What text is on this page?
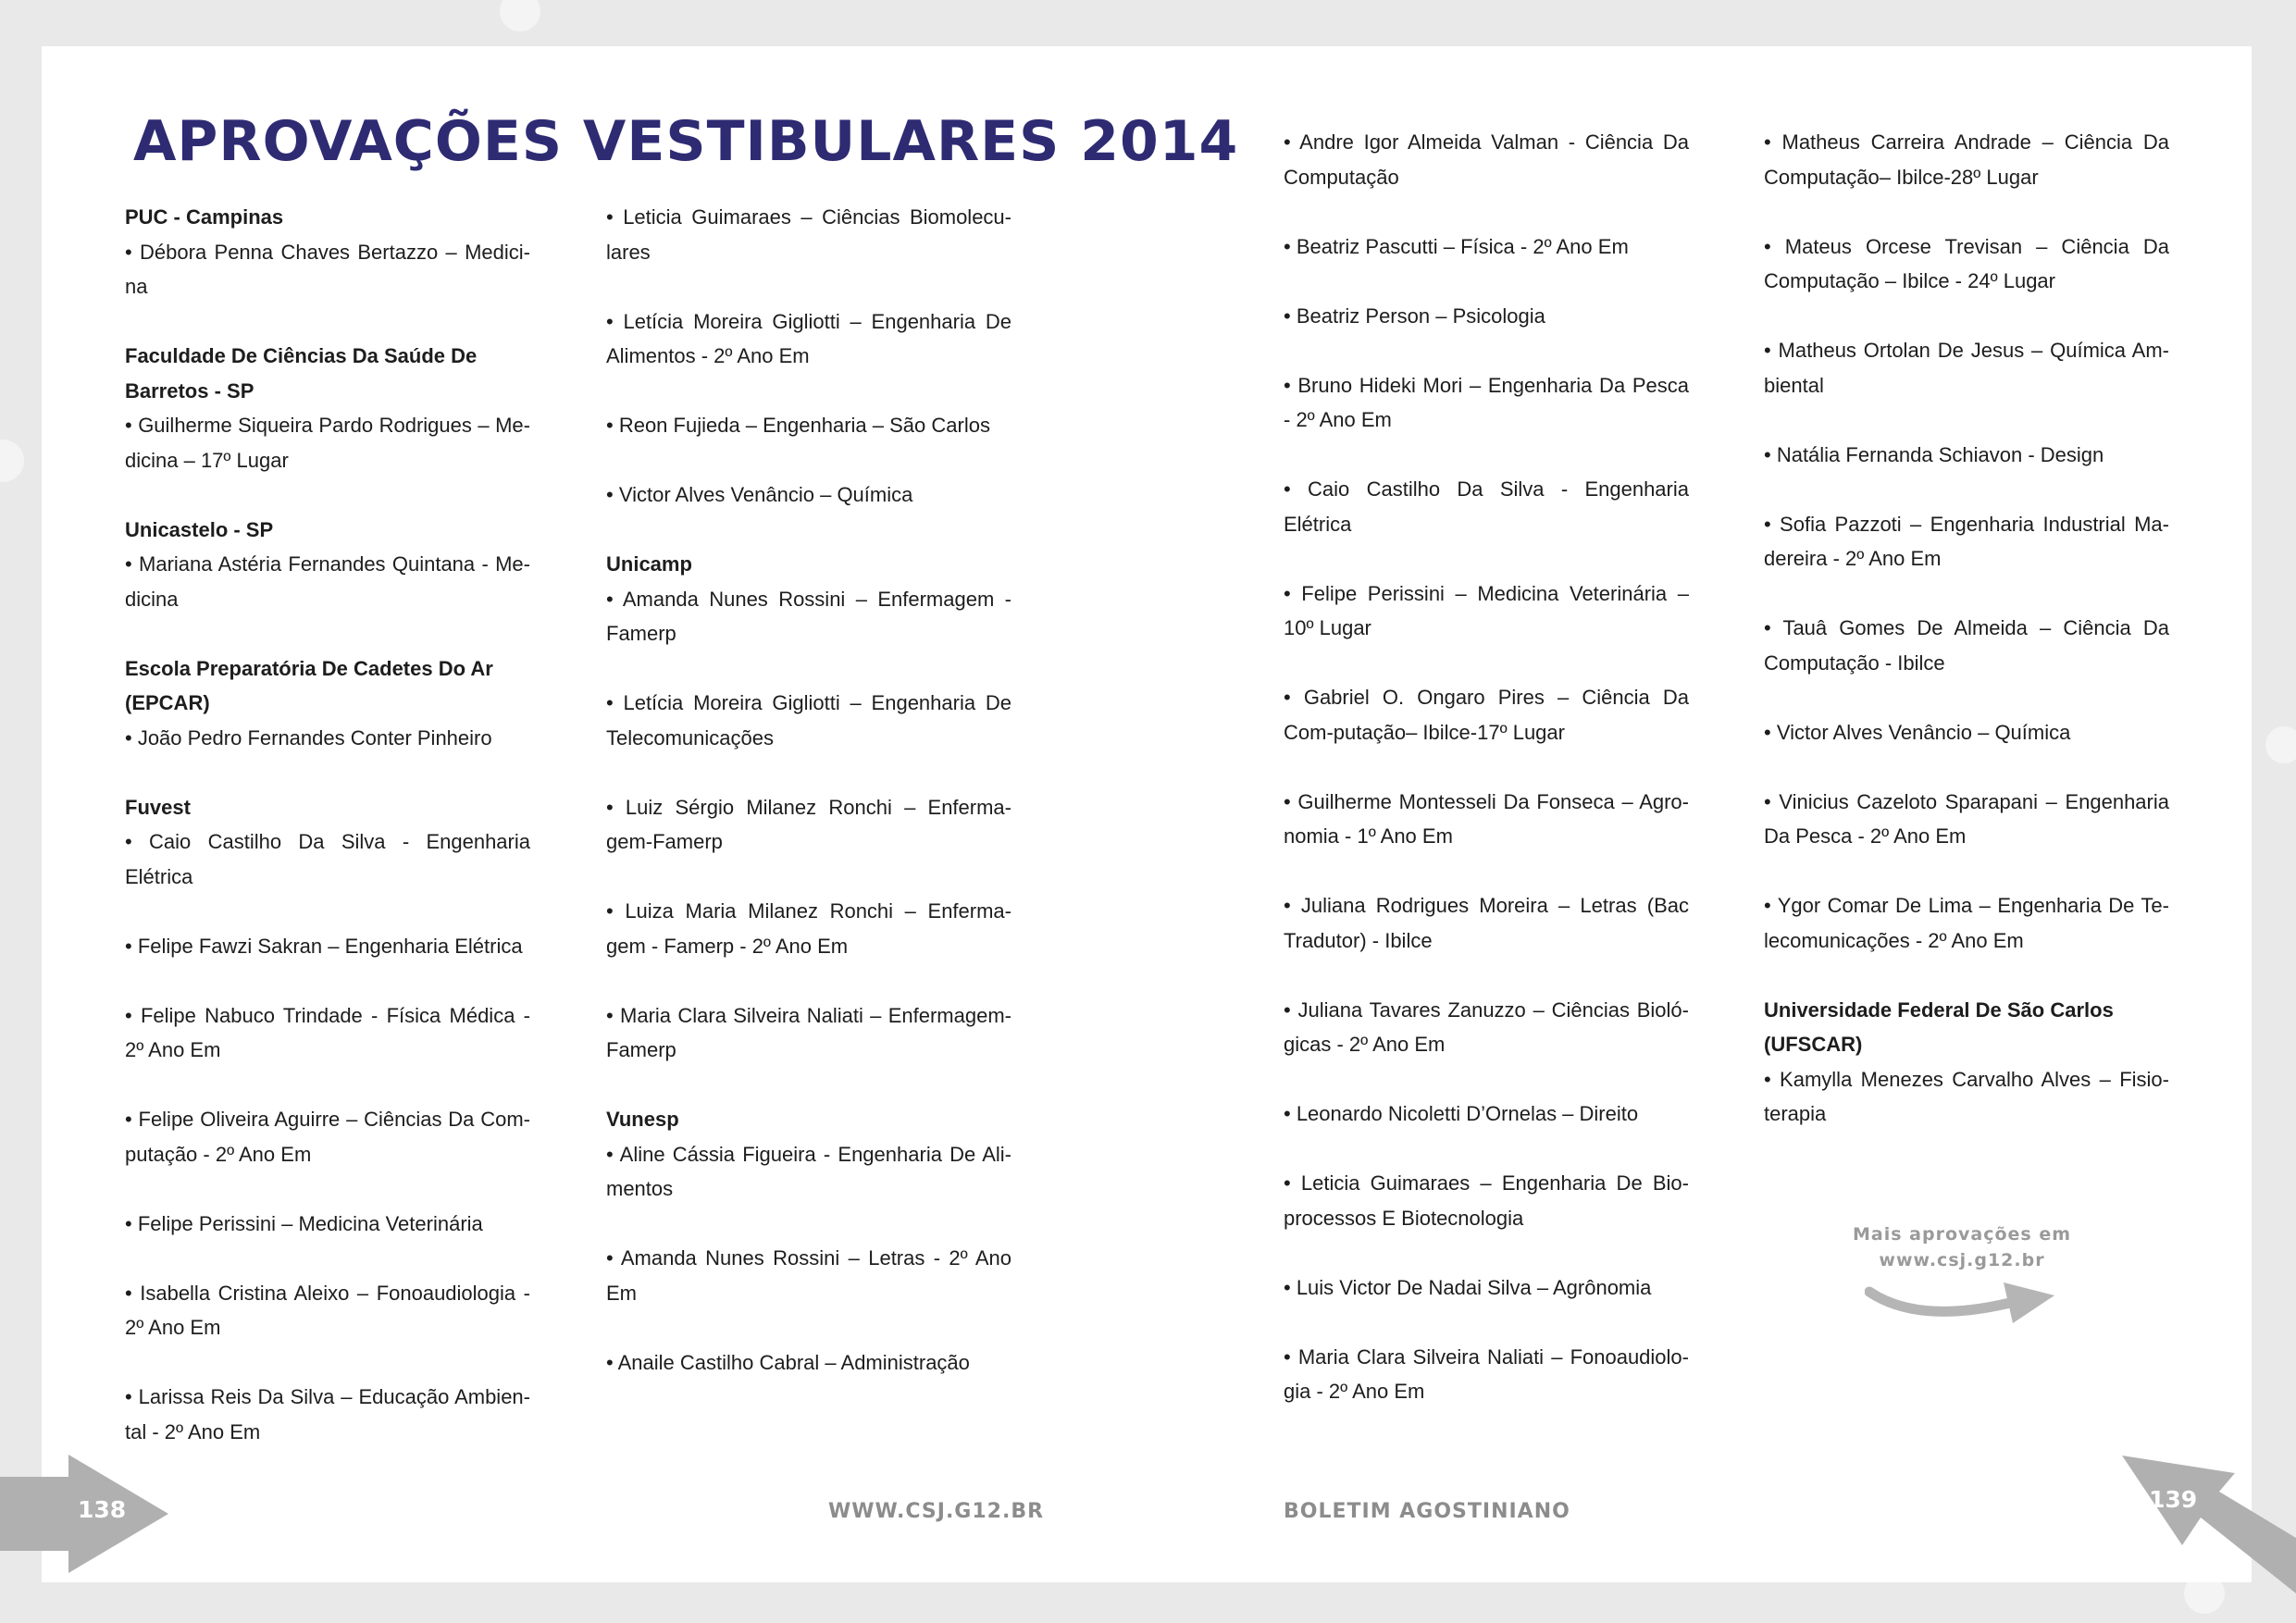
APROVAÇÕES VESTIBULARES 2014

PUC - Campinas

• Débora Penna Chaves Bertazzo – Medici-na

Faculdade De Ciências Da Saúde De Barretos - SP

• Guilherme Siqueira Pardo Rodrigues – Me-dicina – 17º Lugar

Unicastelo - SP

• Mariana Astéria Fernandes Quintana - Me-dicina

Escola Preparatória De Cadetes Do Ar (EPCAR)

• João Pedro Fernandes Conter Pinheiro

Fuvest

• Caio Castilho Da Silva - Engenharia Elétrica

• Felipe Fawzi Sakran – Engenharia Elétrica

• Felipe Nabuco Trindade - Física Médica - 2º Ano Em

• Felipe Oliveira Aguirre – Ciências Da Com-putação - 2º Ano Em

• Felipe Perissini – Medicina Veterinária

• Isabella Cristina Aleixo – Fonoaudiologia - 2º Ano Em

• Larissa Reis Da Silva – Educação Ambien-tal - 2º Ano Em

• Leticia Guimaraes – Ciências Biomolecu-lares

• Letícia Moreira Gigliotti – Engenharia De Alimentos - 2º Ano Em

• Reon Fujieda – Engenharia – São Carlos

• Victor Alves Venâncio – Química

Unicamp

• Amanda Nunes Rossini – Enfermagem -Famerp

• Letícia Moreira Gigliotti – Engenharia De Telecomunicações

• Luiz Sérgio Milanez Ronchi – Enferma-gem-Famerp

• Luiza Maria Milanez Ronchi – Enferma-gem - Famerp - 2º Ano Em

• Maria Clara Silveira Naliati – Enfermagem-Famerp

Vunesp

• Aline Cássia Figueira - Engenharia De Ali-mentos

• Amanda Nunes Rossini – Letras - 2º Ano Em

• Anaile Castilho Cabral – Administração

• Andre Igor Almeida Valman - Ciência Da Computação

• Beatriz Pascutti – Física - 2º Ano Em

• Beatriz Person – Psicologia

• Bruno Hideki Mori – Engenharia Da Pesca - 2º Ano Em

• Caio Castilho Da Silva - Engenharia Elétrica

• Felipe Perissini – Medicina Veterinária – 10º Lugar

• Gabriel O. Ongaro Pires – Ciência Da Com-putação– Ibilce-17º Lugar

• Guilherme Montesseli Da Fonseca – Agro-nomia - 1º Ano Em

• Juliana Rodrigues Moreira – Letras (Bac Tradutor) - Ibilce

• Juliana Tavares Zanuzzo – Ciências Bioló-gicas - 2º Ano Em

• Leonardo Nicoletti D’Ornelas – Direito

• Leticia Guimaraes – Engenharia De Bio-processos E Biotecnologia

• Luis Victor De Nadai Silva – Agrônomia

• Maria Clara Silveira Naliati – Fonoaudiolo-gia - 2º Ano Em

• Matheus Carreira Andrade – Ciência Da Computação– Ibilce-28º Lugar

• Mateus Orcese Trevisan – Ciência Da Computação – Ibilce - 24º Lugar

• Matheus Ortolan De Jesus – Química Am-biental

• Natália Fernanda Schiavon - Design

• Sofia Pazzoti – Engenharia Industrial Ma-dereira - 2º Ano Em

• Tauâ Gomes De Almeida – Ciência Da Computação - Ibilce

• Victor Alves Venâncio – Química

• Vinicius Cazeloto Sparapani – Engenharia Da Pesca - 2º Ano Em

• Ygor Comar De Lima – Engenharia De Te-lecomunicações - 2º Ano Em

Universidade Federal De São Carlos (UFSCAR)

• Kamylla Menezes Carvalho Alves – Fisio-terapia

Mais aprovações em
www.csj.g12.br
138	139
WWW.CSJ.G12.BR	BOLETIM AGOSTINIANO
